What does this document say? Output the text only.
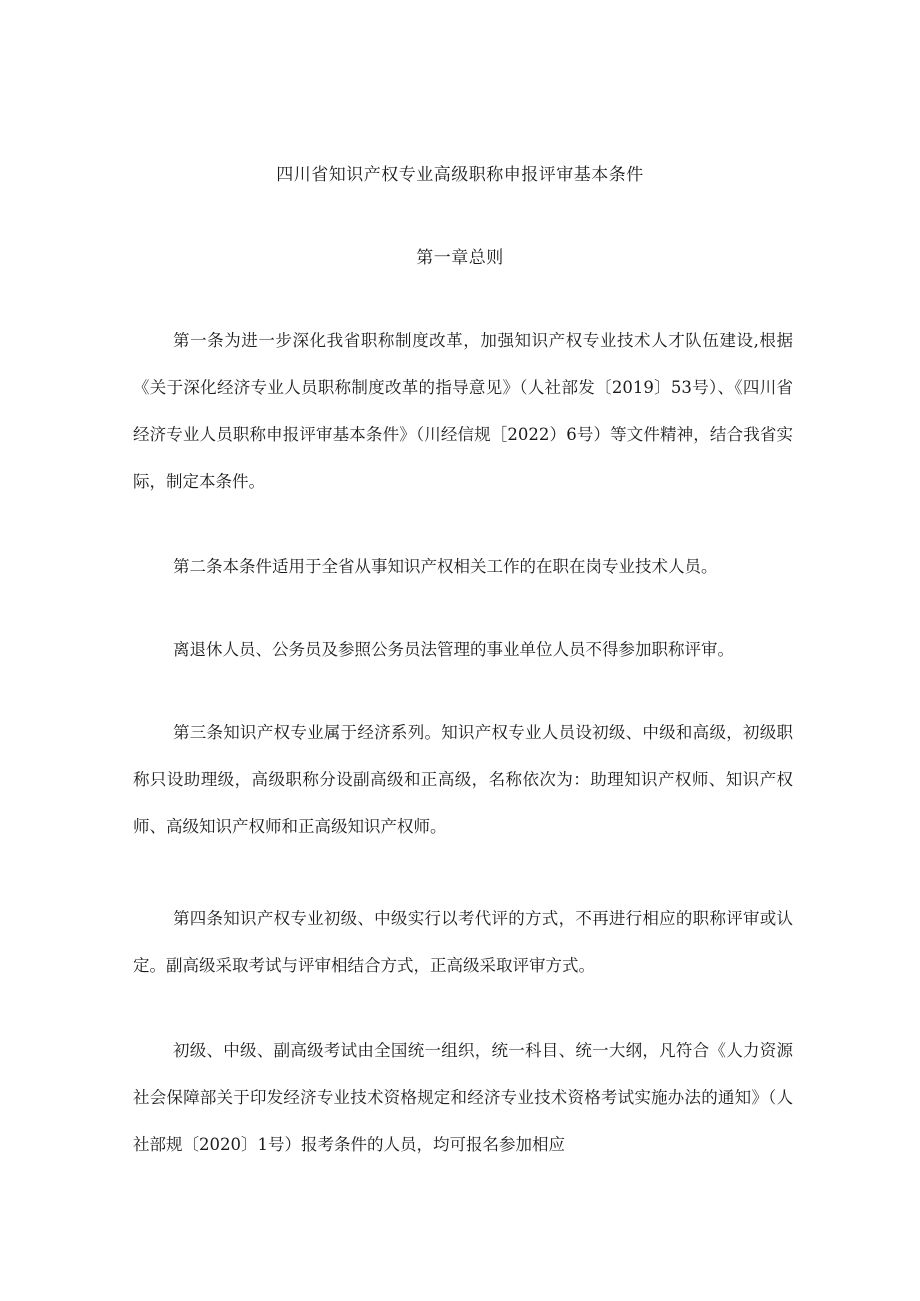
四川省知识产权专业高级职称申报评审基本条件
第一章总则

第一条为进一步深化我省职称制度改革，加强知识产权专业技术人才队伍建设,根据《关于深化经济专业人员职称制度改革的指导意见》（人社部发〔2019〕53号）、《四川省经济专业人员职称申报评审基本条件》（川经信规［2022）6号）等文件精神，结合我省实际，制定本条件。

第二条本条件适用于全省从事知识产权相关工作的在职在岗专业技术人员。

离退休人员、公务员及参照公务员法管理的事业单位人员不得参加职称评审。

第三条知识产权专业属于经济系列。知识产权专业人员设初级、中级和高级，初级职称只设助理级，高级职称分设副高级和正高级，名称依次为：助理知识产权师、知识产权师、高级知识产权师和正高级知识产权师。

第四条知识产权专业初级、中级实行以考代评的方式，不再进行相应的职称评审或认定。副高级采取考试与评审相结合方式，正高级采取评审方式。

初级、中级、副高级考试由全国统一组织，统一科目、统一大纲，凡符合《人力资源社会保障部关于印发经济专业技术资格规定和经济专业技术资格考试实施办法的通知》（人社部规〔2020〕1号）报考条件的人员，均可报名参加相应
